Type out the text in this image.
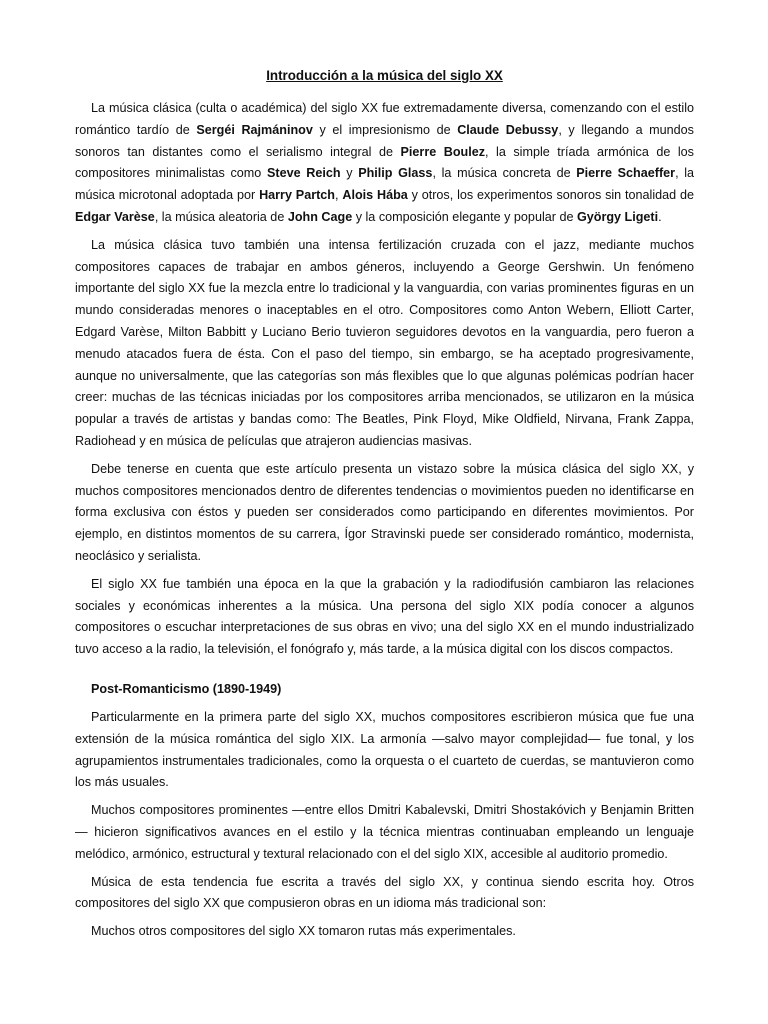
Introducción a la música del siglo XX

La música clásica (culta o académica) del siglo XX fue extremadamente diversa, comenzando con el estilo romántico tardío de Sergéi Rajmáninov y el impresionismo de Claude Debussy, y llegando a mundos sonoros tan distantes como el serialismo integral de Pierre Boulez, la simple tríada armónica de los compositores minimalistas como Steve Reich y Philip Glass, la música concreta de Pierre Schaeffer, la música microtonal adoptada por Harry Partch, Alois Hába y otros, los experimentos sonoros sin tonalidad de Edgar Varèse, la música aleatoria de John Cage y la composición elegante y popular de György Ligeti.

La música clásica tuvo también una intensa fertilización cruzada con el jazz, mediante muchos compositores capaces de trabajar en ambos géneros, incluyendo a George Gershwin. Un fenómeno importante del siglo XX fue la mezcla entre lo tradicional y la vanguardia, con varias prominentes figuras en un mundo consideradas menores o inaceptables en el otro. Compositores como Anton Webern, Elliott Carter, Edgard Varèse, Milton Babbitt y Luciano Berio tuvieron seguidores devotos en la vanguardia, pero fueron a menudo atacados fuera de ésta. Con el paso del tiempo, sin embargo, se ha aceptado progresivamente, aunque no universalmente, que las categorías son más flexibles que lo que algunas polémicas podrían hacer creer: muchas de las técnicas iniciadas por los compositores arriba mencionados, se utilizaron en la música popular a través de artistas y bandas como: The Beatles, Pink Floyd, Mike Oldfield, Nirvana, Frank Zappa, Radiohead y en música de películas que atrajeron audiencias masivas.

Debe tenerse en cuenta que este artículo presenta un vistazo sobre la música clásica del siglo XX, y muchos compositores mencionados dentro de diferentes tendencias o movimientos pueden no identificarse en forma exclusiva con éstos y pueden ser considerados como participando en diferentes movimientos. Por ejemplo, en distintos momentos de su carrera, Ígor Stravinski puede ser considerado romántico, modernista, neoclásico y serialista.

El siglo XX fue también una época en la que la grabación y la radiodifusión cambiaron las relaciones sociales y económicas inherentes a la música. Una persona del siglo XIX podía conocer a algunos compositores o escuchar interpretaciones de sus obras en vivo; una del siglo XX en el mundo industrializado tuvo acceso a la radio, la televisión, el fonógrafo y, más tarde, a la música digital con los discos compactos.

Post-Romanticismo (1890-1949)

Particularmente en la primera parte del siglo XX, muchos compositores escribieron música que fue una extensión de la música romántica del siglo XIX. La armonía —salvo mayor complejidad— fue tonal, y los agrupamientos instrumentales tradicionales, como la orquesta o el cuarteto de cuerdas, se mantuvieron como los más usuales.

Muchos compositores prominentes —entre ellos Dmitri Kabalevski, Dmitri Shostakóvich y Benjamin Britten— hicieron significativos avances en el estilo y la técnica mientras continuaban empleando un lenguaje melódico, armónico, estructural y textural relacionado con el del siglo XIX, accesible al auditorio promedio.

Música de esta tendencia fue escrita a través del siglo XX, y continua siendo escrita hoy. Otros compositores del siglo XX que compusieron obras en un idioma más tradicional son:

Muchos otros compositores del siglo XX tomaron rutas más experimentales.
